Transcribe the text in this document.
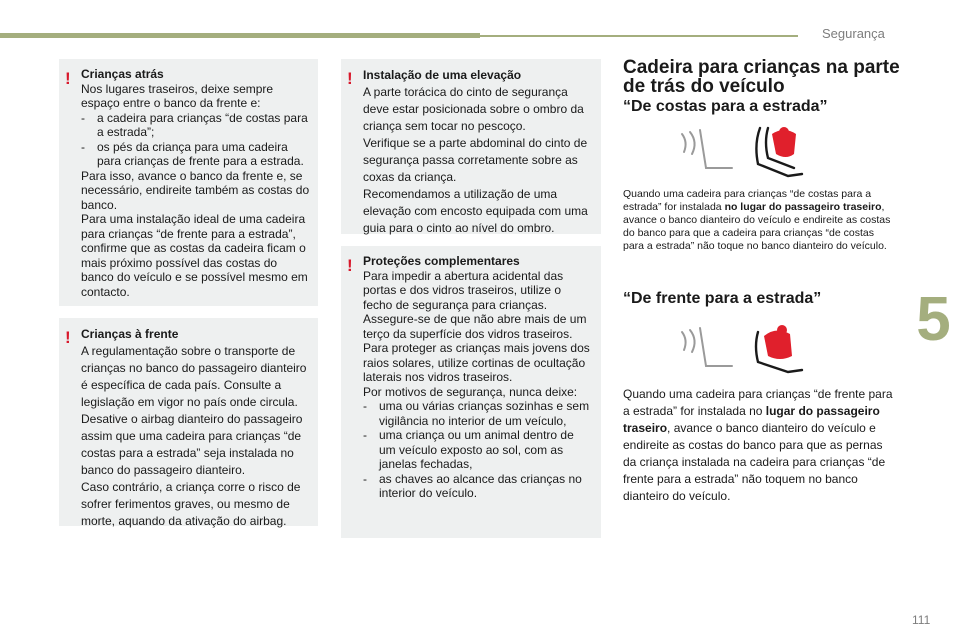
Segurança
! Crianças atrás
Nos lugares traseiros, deixe sempre espaço entre o banco da frente e:
- a cadeira para crianças “de costas para a estrada”;
- os pés da criança para uma cadeira para crianças de frente para a estrada.
Para isso, avance o banco da frente e, se necessário, endireite também as costas do banco.
Para uma instalação ideal de uma cadeira para crianças “de frente para a estrada”, confirme que as costas da cadeira ficam o mais próximo possível das costas do banco do veículo e se possível mesmo em contacto.
! Crianças à frente
A regulamentação sobre o transporte de crianças no banco do passageiro dianteiro é específica de cada país. Consulte a legislação em vigor no país onde circula.
Desative o airbag dianteiro do passageiro assim que uma cadeira para crianças “de costas para a estrada” seja instalada no banco do passageiro dianteiro.
Caso contrário, a criança corre o risco de sofrer ferimentos graves, ou mesmo de morte, aquando da ativação do airbag.
! Instalação de uma elevação
A parte torácica do cinto de segurança deve estar posicionada sobre o ombro da criança sem tocar no pescoço.
Verifique se a parte abdominal do cinto de segurança passa corretamente sobre as coxas da criança.
Recomendamos a utilização de uma elevação com encosto equipada com uma guia para o cinto ao nível do ombro.
! Proteções complementares
Para impedir a abertura acidental das portas e dos vidros traseiros, utilize o fecho de segurança para crianças.
Assegure-se de que não abre mais de um terço da superfície dos vidros traseiros.
Para proteger as crianças mais jovens dos raios solares, utilize cortinas de ocultação laterais nos vidros traseiros.
Por motivos de segurança, nunca deixe:
- uma ou várias crianças sozinhas e sem vigilância no interior de um veículo,
- uma criança ou um animal dentro de um veículo exposto ao sol, com as janelas fechadas,
- as chaves ao alcance das crianças no interior do veículo.
Cadeira para crianças na parte de trás do veículo
“De costas para a estrada”
Quando uma cadeira para crianças “de costas para a estrada” for instalada no lugar do passageiro traseiro, avance o banco dianteiro do veículo e endireite as costas do banco para que a cadeira para crianças “de costas para a estrada” não toque no banco dianteiro do veículo.
“De frente para a estrada”
Quando uma cadeira para crianças “de frente para a estrada” for instalada no lugar do passageiro traseiro, avance o banco dianteiro do veículo e endireite as costas do banco para que as pernas da criança instalada na cadeira para crianças “de frente para a estrada” não toquem no banco dianteiro do veículo.
5
111
